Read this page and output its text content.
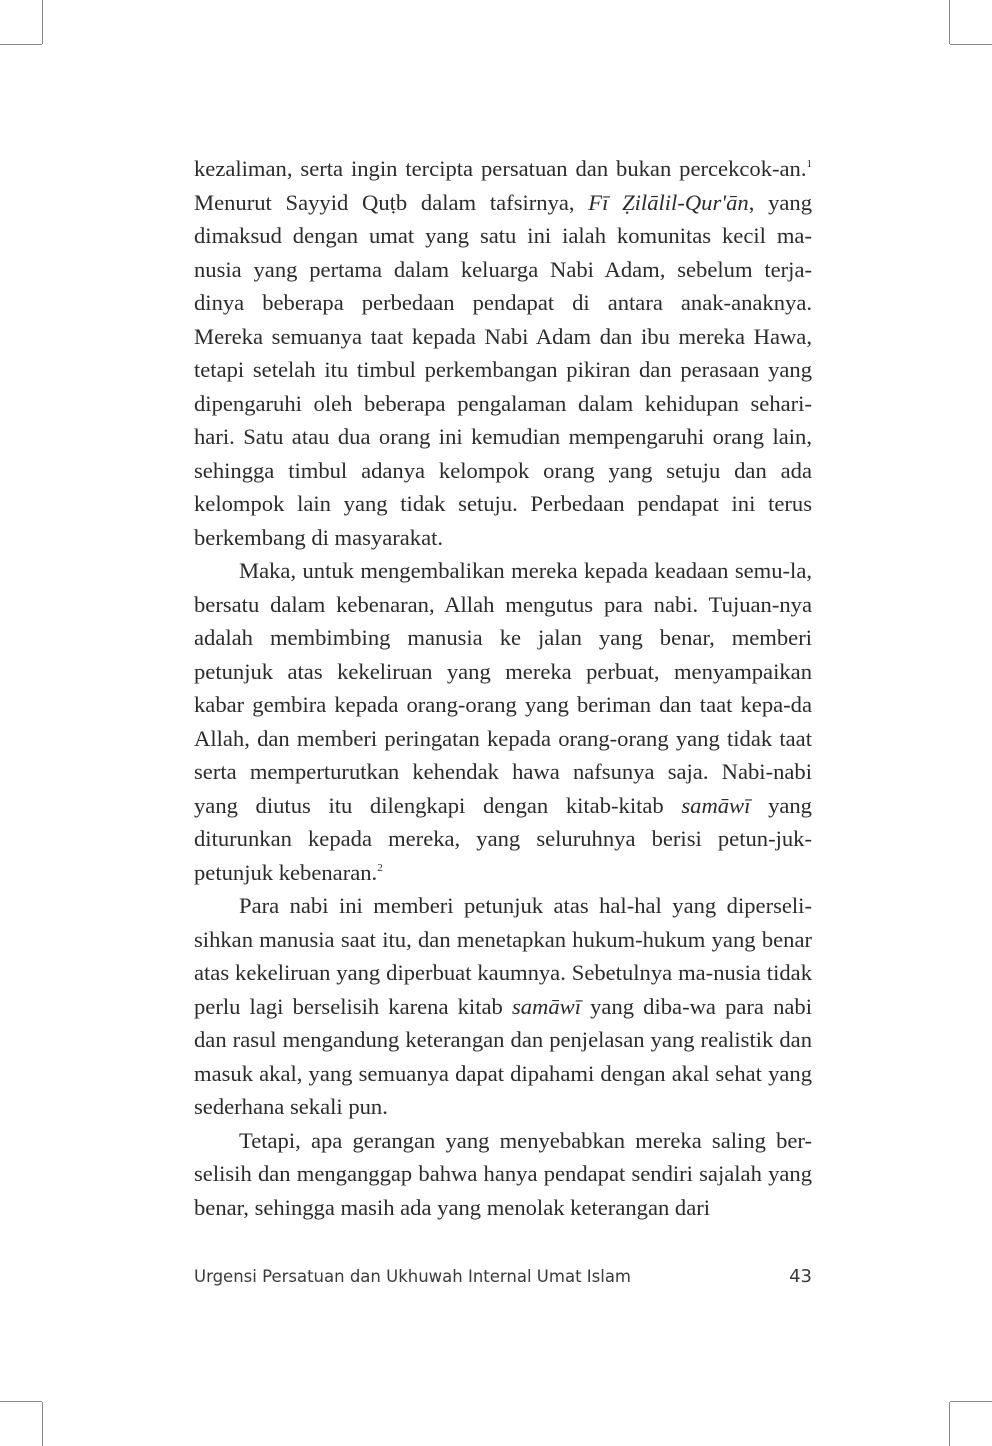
kezaliman, serta ingin tercipta persatuan dan bukan percekcok-an.$^1$ Menurut Sayyid Quṭb dalam tafsirnya, Fī Ẓilālil-Qur'ān, yang dimaksud dengan umat yang satu ini ialah komunitas kecil ma-nusia yang pertama dalam keluarga Nabi Adam, sebelum terja-dinya beberapa perbedaan pendapat di antara anak-anaknya. Mereka semuanya taat kepada Nabi Adam dan ibu mereka Hawa, tetapi setelah itu timbul perkembangan pikiran dan perasaan yang dipengaruhi oleh beberapa pengalaman dalam kehidupan sehari-hari. Satu atau dua orang ini kemudian mempengaruhi orang lain, sehingga timbul adanya kelompok orang yang setuju dan ada kelompok lain yang tidak setuju. Perbedaan pendapat ini terus berkembang di masyarakat.

Maka, untuk mengembalikan mereka kepada keadaan semu-la, bersatu dalam kebenaran, Allah mengutus para nabi. Tujuan-nya adalah membimbing manusia ke jalan yang benar, memberi petunjuk atas kekeliruan yang mereka perbuat, menyampaikan kabar gembira kepada orang-orang yang beriman dan taat kepa-da Allah, dan memberi peringatan kepada orang-orang yang tidak taat serta memperturutkan kehendak hawa nafsunya saja. Nabi-nabi yang diutus itu dilengkapi dengan kitab-kitab samāwī yang diturunkan kepada mereka, yang seluruhnya berisi petun-juk-petunjuk kebenaran.$^2$

Para nabi ini memberi petunjuk atas hal-hal yang diperseli-sihkan manusia saat itu, dan menetapkan hukum-hukum yang benar atas kekeliruan yang diperbuat kaumnya. Sebetulnya ma-nusia tidak perlu lagi berselisih karena kitab samāwī yang diba-wa para nabi dan rasul mengandung keterangan dan penjelasan yang realistik dan masuk akal, yang semuanya dapat dipahami dengan akal sehat yang sederhana sekali pun.

Tetapi, apa gerangan yang menyebabkan mereka saling ber-selisih dan menganggap bahwa hanya pendapat sendiri sajalah yang benar, sehingga masih ada yang menolak keterangan dari

Urgensi Persatuan dan Ukhuwah Internal Umat Islam	43
